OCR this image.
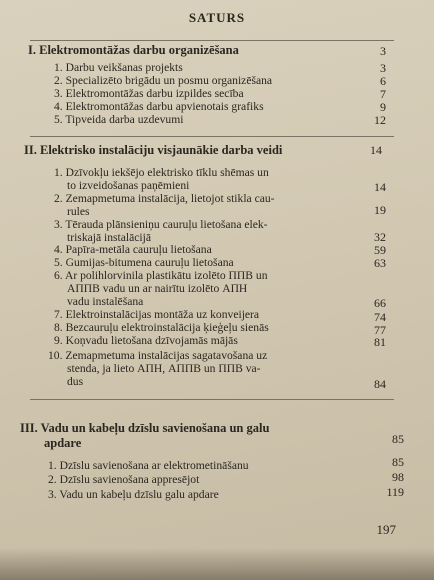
SATURS
I. Elektromontāžas darbu organizēšana	3
1. Darbu veikšanas projekts	3
2. Specializēto brigādu un posmu organizēšana	6
3. Elektromontāžas darbu izpildes secība	7
4. Elektromontāžas darbu apvienotais grafiks	9
5. Tipveida darba uzdevumi	12
II. Elektrisko instalāciju visjaunākie darba veidi	14
1. Dzīvokļu iekšējo elektrisko tīklu shēmas un
to izveidošanas paņēmieni	14
2. Zemapmetuma instalācija, lietojot stikla cau-
rules	19
3. Tērauda plānsieniņu cauruļu lietošana elek-
triskajā instalācijā	32
4. Papīra-metāla cauruļu lietošana	59
5. Gumijas-bitumena cauruļu lietošana	63
6. Ar polihlorvinila plastikātu izolēto ППВ un
АППВ vadu un ar nairītu izolēto АПН
vadu instalēšana	66
7. Elektroinstalācijas montāža uz konveijera	74
8. Bezcauruļu elektroinstalācija ķieģeļu sienās	77
9. Koņvadu lietošana dzīvojamās mājās	81
10. Zemapmetuma instalācijas sagatavošana uz
stenda, ja lieto АПН, АППВ un ППВ va-
dus	84
III. Vadu un kabeļu dzīslu savienošana un galu
apdare	85
1. Dzīslu savienošana ar elektrometināšanu	85
2. Dzīslu savienošana appresējot	98
3. Vadu un kabeļu dzīslu galu apdare	119
197
